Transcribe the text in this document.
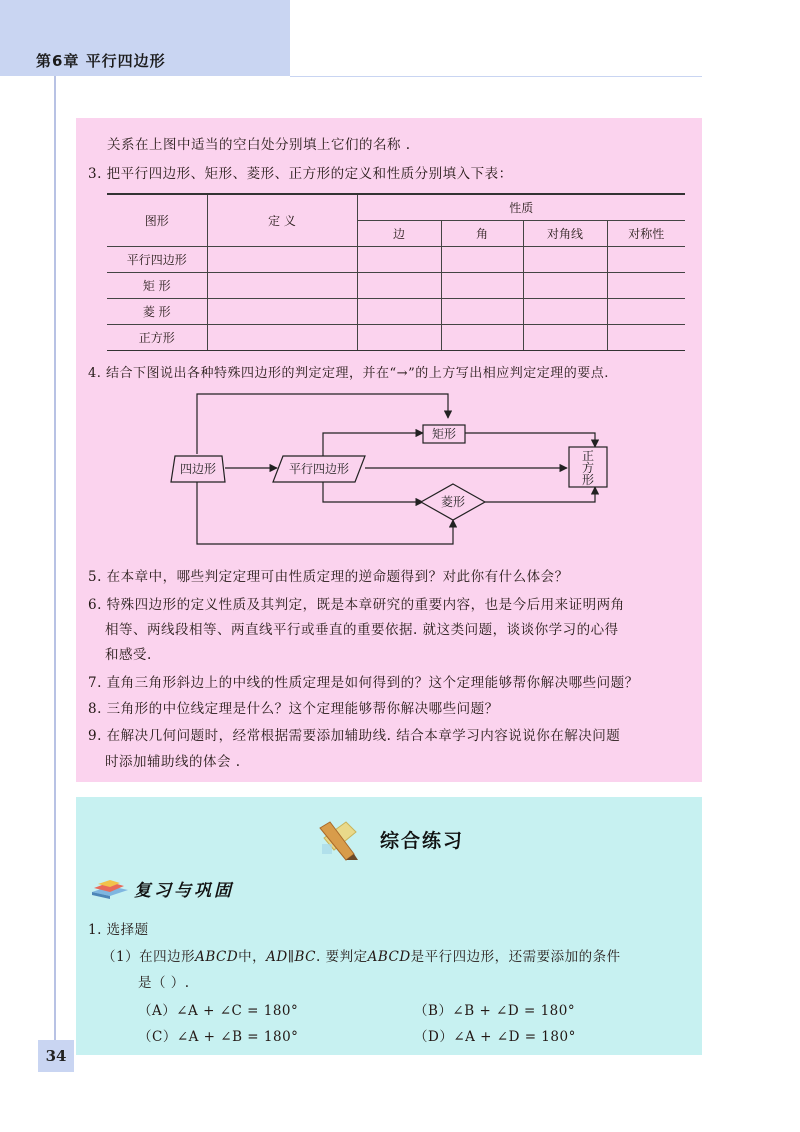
第6章 平行四边形
关系在上图中适当的空白处分别填上它们的名称 .
3. 把平行四边形、矩形、菱形、正方形的定义和性质分别填入下表：
图形	定 义	性质			
		边	角	对角线	对称性
平行四边形					
矩 形					
菱 形					
正方形					
4. 结合下图说出各种特殊四边形的判定定理，并在“→”的上方写出相应判定定理的要点.
四边形	平行四边形
矩形
菱形
正
方
形
5. 在本章中，哪些判定定理可由性质定理的逆命题得到？对此你有什么体会？
6. 特殊四边形的定义性质及其判定，既是本章研究的重要内容，也是今后用来证明两角
相等、两线段相等、两直线平行或垂直的重要依据. 就这类问题，谈谈你学习的心得
和感受.
7. 直角三角形斜边上的中线的性质定理是如何得到的？这个定理能够帮你解决哪些问题？
8. 三角形的中位线定理是什么？这个定理能够帮你解决哪些问题？
9. 在解决几何问题时，经常根据需要添加辅助线. 结合本章学习内容说说你在解决问题
时添加辅助线的体会 .
综合练习
复习与巩固
1. 选择题
（1）在四边形ABCD中，AD∥BC. 要判定ABCD是平行四边形，还需要添加的条件
是（ ）.
（A）∠A + ∠C = 180°	（B）∠B + ∠D = 180°
（C）∠A + ∠B = 180°	（D）∠A + ∠D = 180°
34
